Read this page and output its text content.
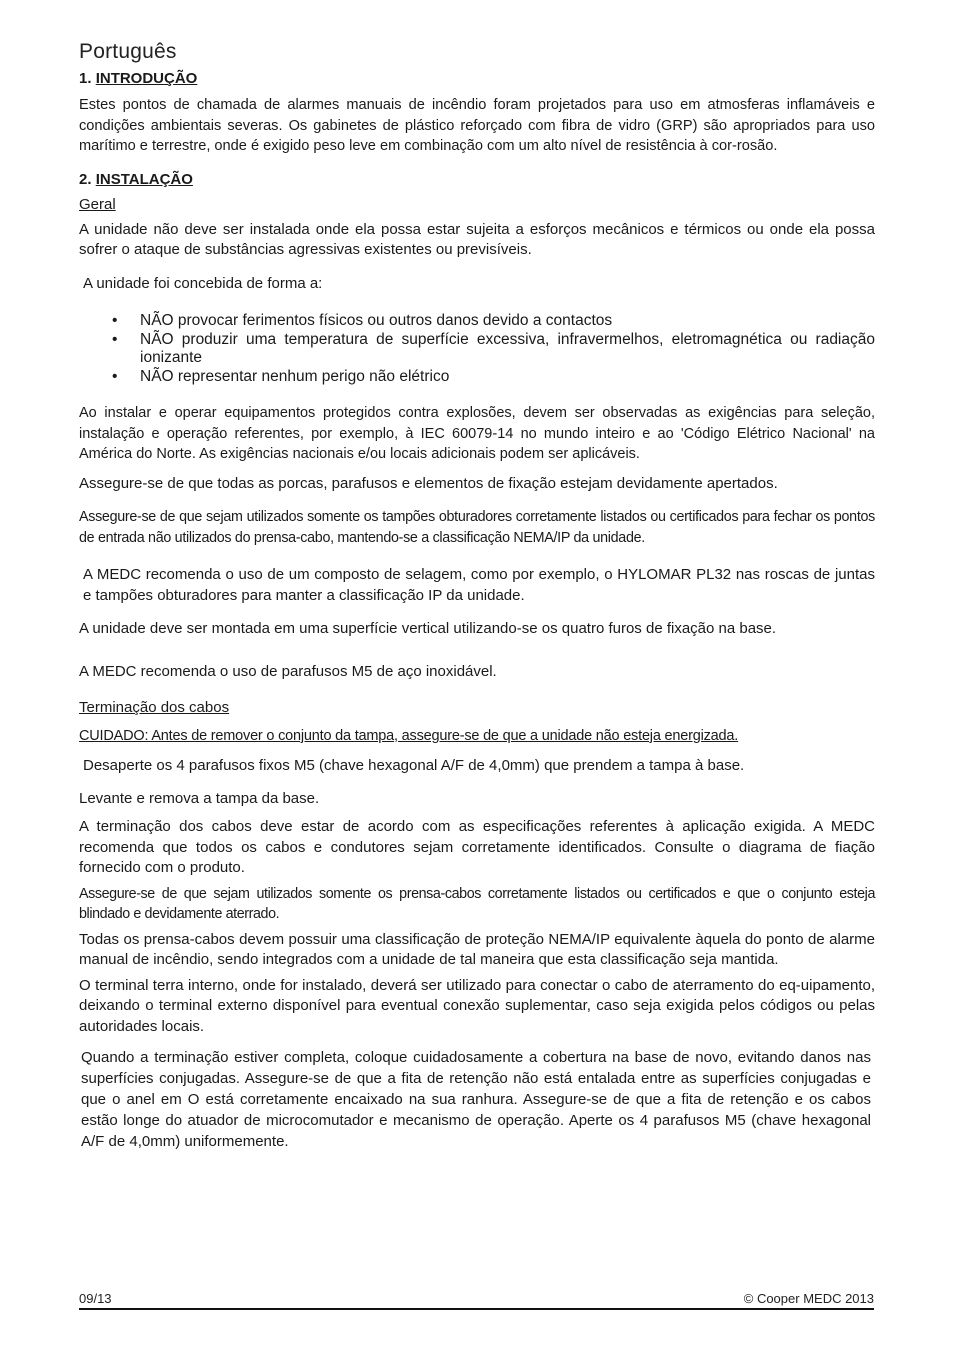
Português
1. INTRODUÇÃO

Estes pontos de chamada de alarmes manuais de incêndio foram projetados para uso em atmosferas inflamáveis e condições ambientais severas. Os gabinetes de plástico reforçado com fibra de vidro (GRP) são apropriados para uso marítimo e terrestre, onde é exigido peso leve em combinação com um alto nível de resistência à cor-rosão.

2. INSTALAÇÃO
Geral

A unidade não deve ser instalada onde ela possa estar sujeita a esforços mecânicos e térmicos ou onde ela possa sofrer o ataque de substâncias agressivas existentes ou previsíveis.

A unidade foi concebida de forma a:

• NÃO provocar ferimentos físicos ou outros danos devido a contactos
• NÃO produzir uma temperatura de superfície excessiva, infravermelhos, eletromagnética ou radiação ionizante
• NÃO representar nenhum perigo não elétrico

Ao instalar e operar equipamentos protegidos contra explosões, devem ser observadas as exigências para seleção, instalação e operação referentes, por exemplo, à IEC 60079-14 no mundo inteiro e ao 'Código Elétrico Nacional' na América do Norte. As exigências nacionais e/ou locais adicionais podem ser aplicáveis.

Assegure-se de que todas as porcas, parafusos e elementos de fixação estejam devidamente apertados.

Assegure-se de que sejam utilizados somente os tampões obturadores corretamente listados ou certificados para fechar os pontos de entrada não utilizados do prensa-cabo, mantendo-se a classificação NEMA/IP da unidade.

A MEDC recomenda o uso de um composto de selagem, como por exemplo, o HYLOMAR PL32 nas roscas de juntas e tampões obturadores para manter a classificação IP da unidade.

A unidade deve ser montada em uma superfície vertical utilizando-se os quatro furos de fixação na base.

A MEDC recomenda o uso de parafusos M5 de aço inoxidável.

Terminação dos cabos
CUIDADO: Antes de remover o conjunto da tampa, assegure-se de que a unidade não esteja energizada.

Desaperte os 4 parafusos fixos M5 (chave hexagonal A/F de 4,0mm) que prendem a tampa à base.

Levante e remova a tampa da base.

A terminação dos cabos deve estar de acordo com as especificações referentes à aplicação exigida. A MEDC recomenda que todos os cabos e condutores sejam corretamente identificados. Consulte o diagrama de fiação fornecido com o produto.

Assegure-se de que sejam utilizados somente os prensa-cabos corretamente listados ou certificados e que o conjunto esteja blindado e devidamente aterrado.

Todas os prensa-cabos devem possuir uma classificação de proteção NEMA/IP equivalente àquela do ponto de alarme manual de incêndio, sendo integrados com a unidade de tal maneira que esta classificação seja mantida.

O terminal terra interno, onde for instalado, deverá ser utilizado para conectar o cabo de aterramento do eq-uipamento, deixando o terminal externo disponível para eventual conexão suplementar, caso seja exigida pelos códigos ou pelas autoridades locais.

Quando a terminação estiver completa, coloque cuidadosamente a cobertura na base de novo, evitando danos nas superfícies conjugadas. Assegure-se de que a fita de retenção não está entalada entre as superfícies conjugadas e que o anel em O está corretamente encaixado na sua ranhura. Assegure-se de que a fita de retenção e os cabos estão longe do atuador de microcomutador e mecanismo de operação. Aperte os 4 parafusos M5 (chave hexagonal A/F de 4,0mm) uniformemente.

09/13	© Cooper MEDC 2013
